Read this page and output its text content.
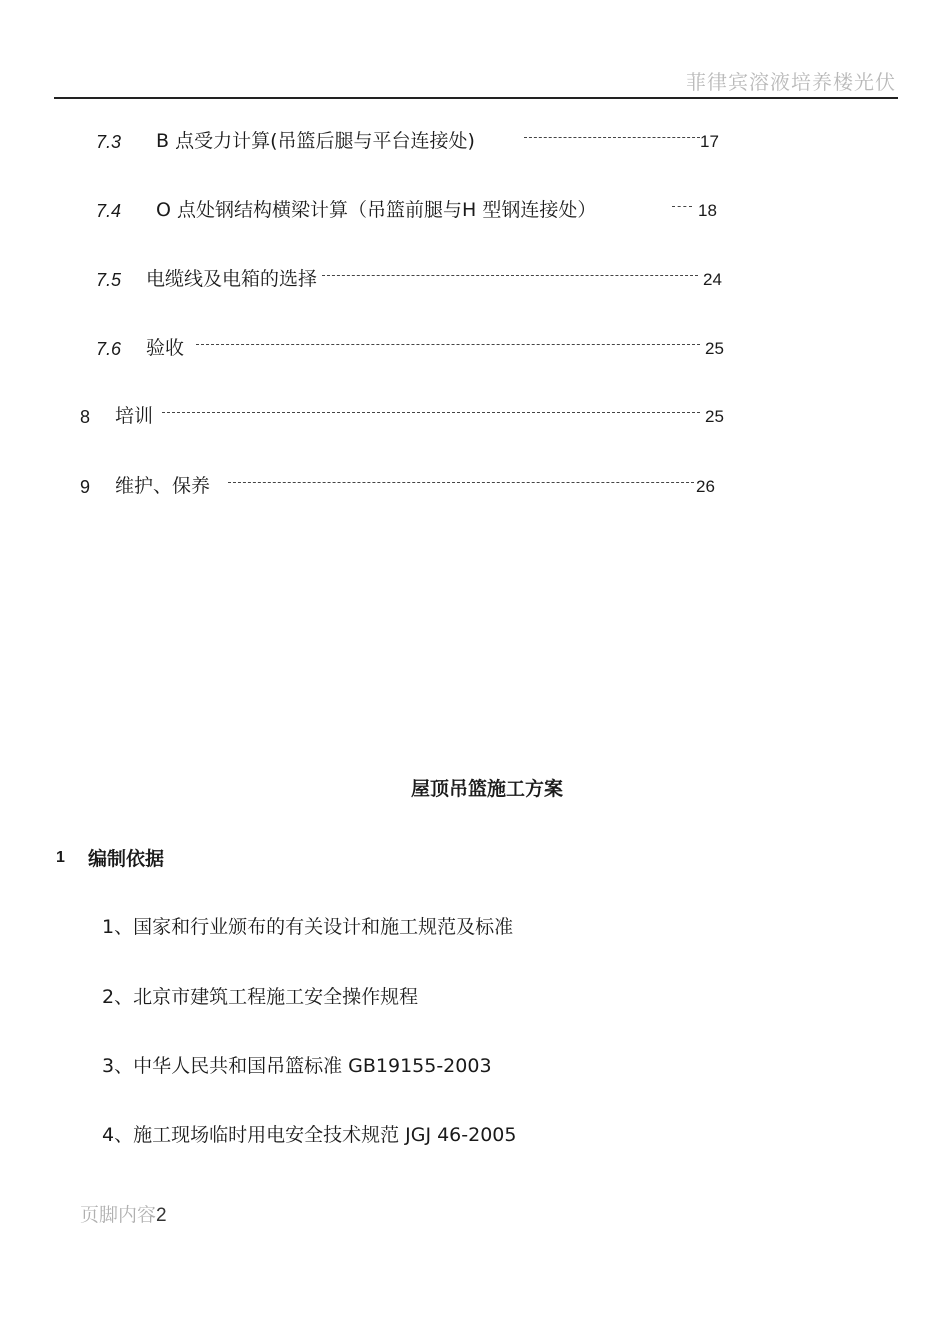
菲律宾溶液培养楼光伏
7.3 B 点受力计算(吊篮后腿与平台连接处)	17
7.4 O 点处钢结构横梁计算（吊篮前腿与H 型钢连接处）	18
7.5 电缆线及电箱的选择	24
7.6 验收	25
8 培训	25
9 维护、保养	26
屋顶吊篮施工方案
1 编制依据
1、国家和行业颁布的有关设计和施工规范及标准
2、北京市建筑工程施工安全操作规程
3、中华人民共和国吊篮标准 GB19155-2003
4、施工现场临时用电安全技术规范 JGJ 46-2005
页脚内容2
